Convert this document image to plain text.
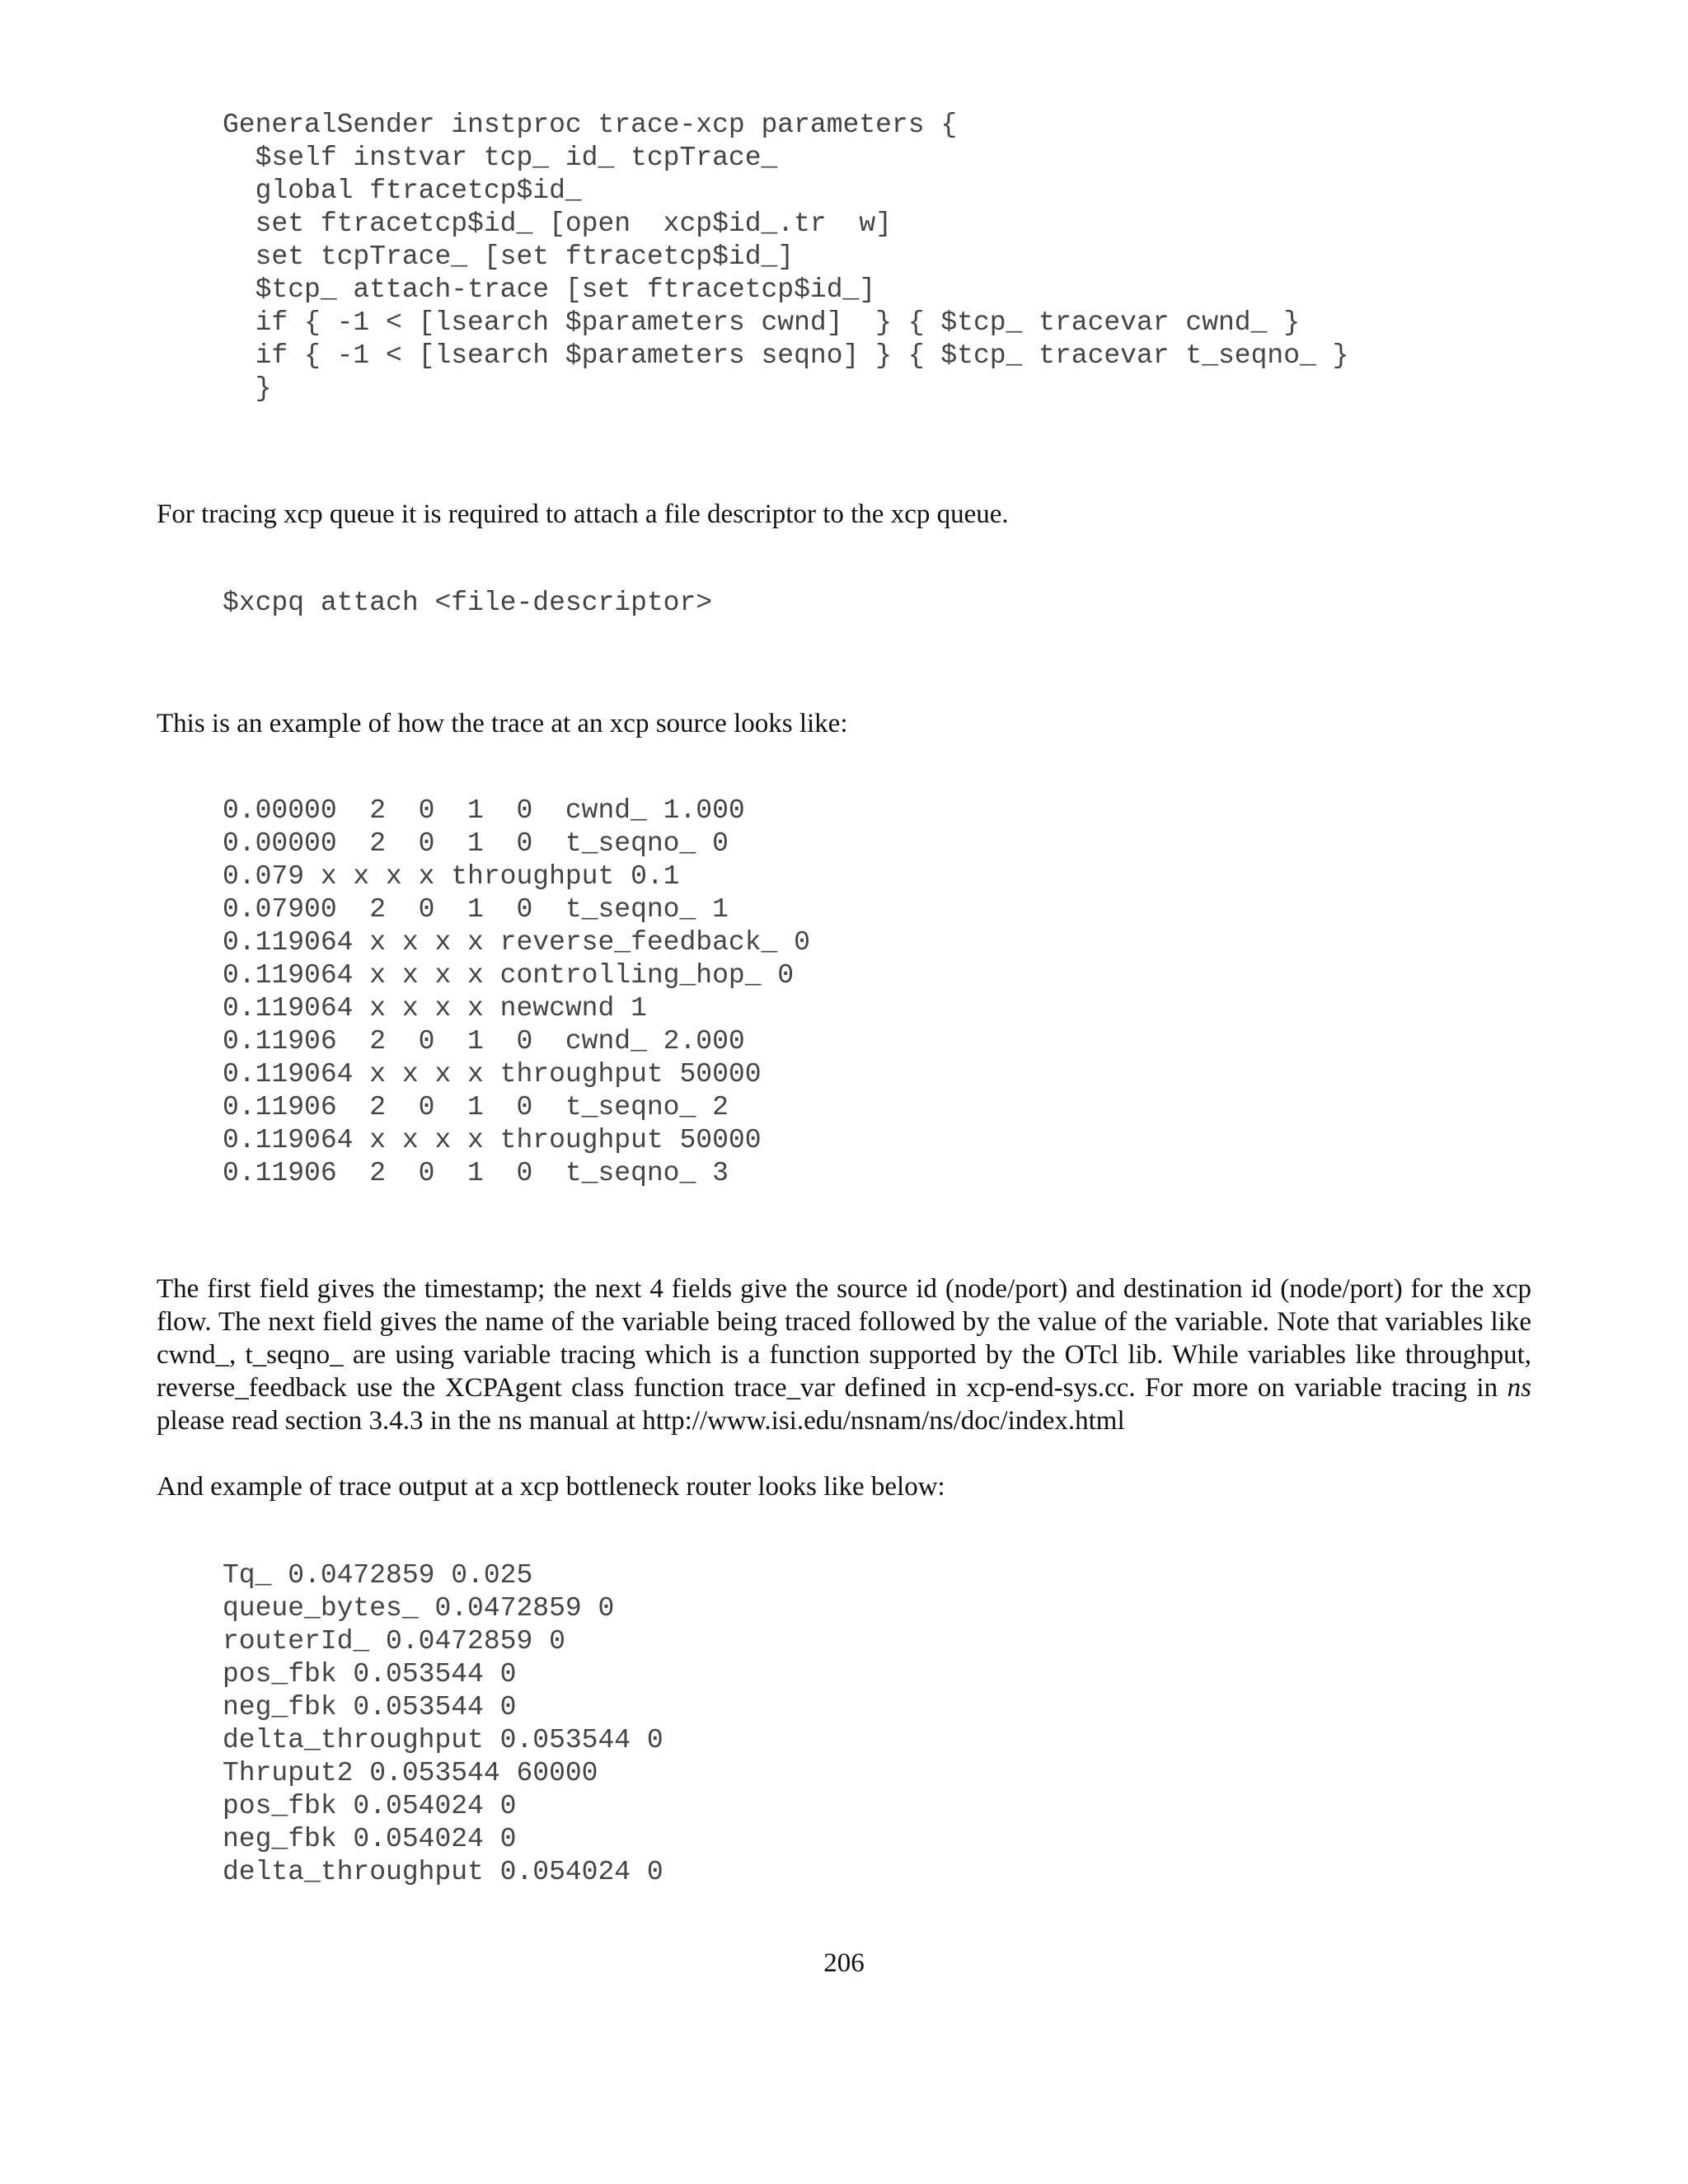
GeneralSender instproc trace-xcp parameters {
$self instvar tcp_ id_ tcpTrace_
global ftracetcp$id_
set ftracetcp$id_ [open  xcp$id_.tr  w]
set tcpTrace_ [set ftracetcp$id_]
$tcp_ attach-trace [set ftracetcp$id_]
if { -1 < [lsearch $parameters cwnd]  } { $tcp_ tracevar cwnd_ }
if { -1 < [lsearch $parameters seqno] } { $tcp_ tracevar t_seqno_ }
}

For tracing xcp queue it is required to attach a file descriptor to the xcp queue.

$xcpq attach <file-descriptor>

This is an example of how the trace at an xcp source looks like:

0.00000  2  0  1  0  cwnd_ 1.000
0.00000  2  0  1  0  t_seqno_ 0
0.079 x x x x throughput 0.1
0.07900  2  0  1  0  t_seqno_ 1
0.119064 x x x x reverse_feedback_ 0
0.119064 x x x x controlling_hop_ 0
0.119064 x x x x newcwnd 1
0.11906  2  0  1  0  cwnd_ 2.000
0.119064 x x x x throughput 50000
0.11906  2  0  1  0  t_seqno_ 2
0.119064 x x x x throughput 50000
0.11906  2  0  1  0  t_seqno_ 3

The first field gives the timestamp; the next 4 fields give the source id (node/port) and destination id (node/port) for the xcp flow. The next field gives the name of the variable being traced followed by the value of the variable. Note that variables like cwnd_, t_seqno_ are using variable tracing which is a function supported by the OTcl lib. While variables like throughput, reverse_feedback use the XCPAgent class function trace_var defined in xcp-end-sys.cc. For more on variable tracing in ns please read section 3.4.3 in the ns manual at http://www.isi.edu/nsnam/ns/doc/index.html

And example of trace output at a xcp bottleneck router looks like below:

Tq_ 0.0472859 0.025
queue_bytes_ 0.0472859 0
routerId_ 0.0472859 0
pos_fbk 0.053544 0
neg_fbk 0.053544 0
delta_throughput 0.053544 0
Thruput2 0.053544 60000
pos_fbk 0.054024 0
neg_fbk 0.054024 0
delta_throughput 0.054024 0
206
